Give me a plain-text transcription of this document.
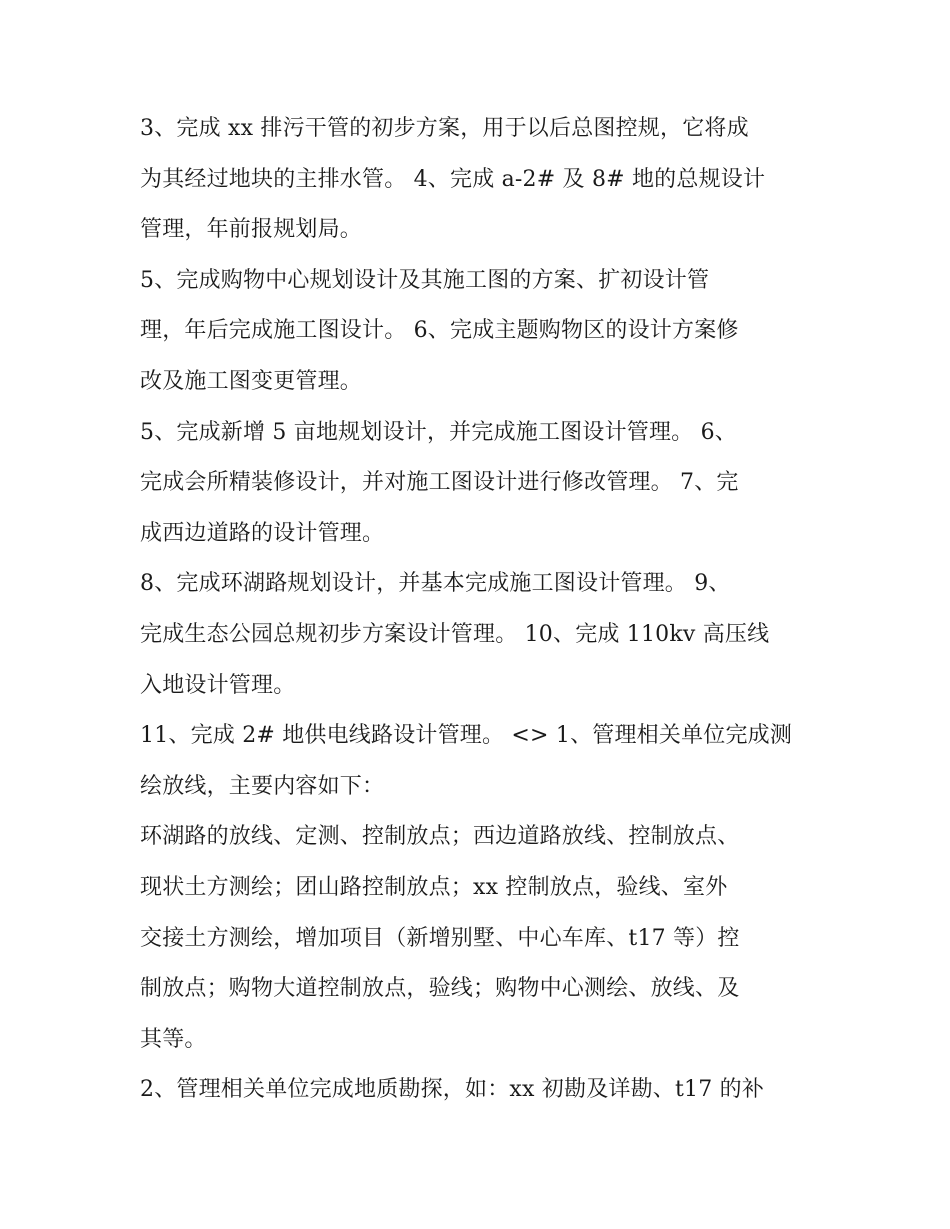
3、完成 xx 排污干管的初步方案，用于以后总图控规，它将成
为其经过地块的主排水管。 4、完成 a-2# 及 8# 地的总规设计
管理，年前报规划局。
5、完成购物中心规划设计及其施工图的方案、扩初设计管
理，年后完成施工图设计。 6、完成主题购物区的设计方案修
改及施工图变更管理。
5、完成新增 5 亩地规划设计，并完成施工图设计管理。 6、
完成会所精装修设计，并对施工图设计进行修改管理。 7、完
成西边道路的设计管理。
8、完成环湖路规划设计，并基本完成施工图设计管理。 9、
完成生态公园总规初步方案设计管理。 10、完成 110kv 高压线
入地设计管理。
11、完成 2# 地供电线路设计管理。 <> 1、管理相关单位完成测
绘放线，主要内容如下：
环湖路的放线、定测、控制放点；西边道路放线、控制放点、
现状土方测绘；团山路控制放点；xx 控制放点，验线、室外
交接土方测绘，增加项目（新增别墅、中心车库、t17 等）控
制放点；购物大道控制放点，验线；购物中心测绘、放线、及
其等。
2、管理相关单位完成地质勘探，如：xx 初勘及详勘、t17 的补
